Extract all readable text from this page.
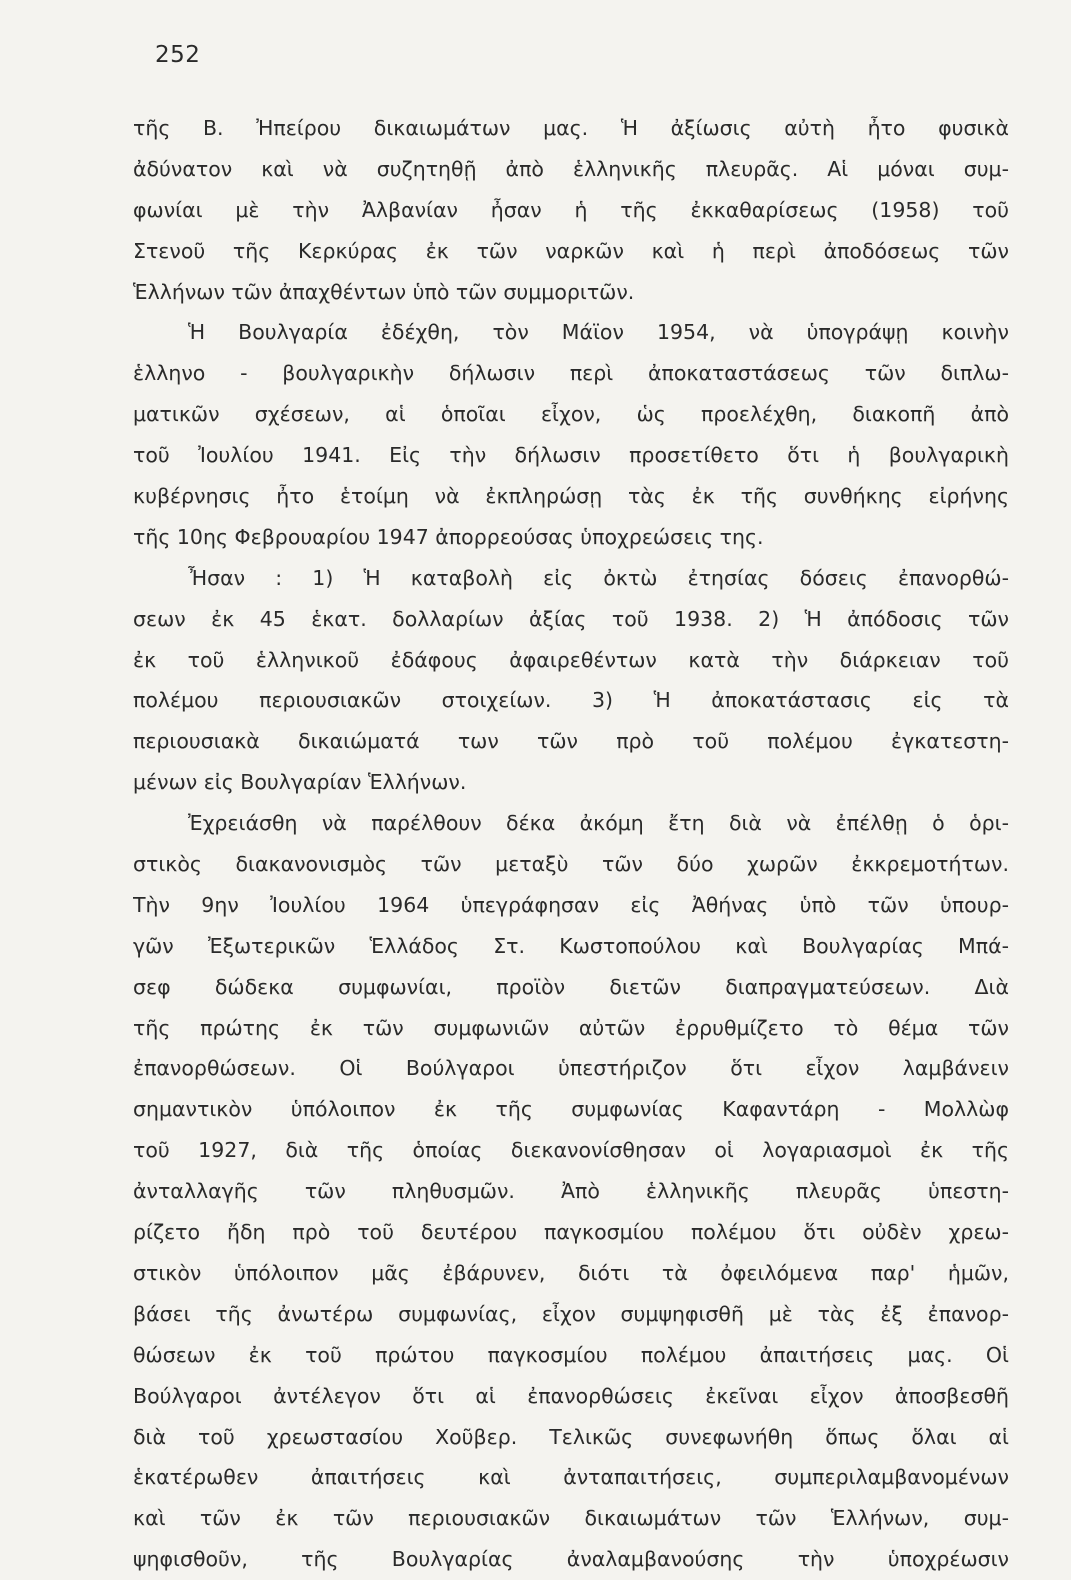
252
τῆς Β. Ἠπείρου δικαιωμάτων μας. Ἡ ἀξίωσις αὐτὴ ἦτο φυσικὰ
ἀδύνατον καὶ νὰ συζητηθῇ ἀπὸ ἑλληνικῆς πλευρᾶς. Αἱ μόναι συμ-
φωνίαι μὲ τὴν Ἀλβανίαν ἦσαν ἡ τῆς ἐκκαθαρίσεως (1958) τοῦ
Στενοῦ τῆς Κερκύρας ἐκ τῶν ναρκῶν καὶ ἡ περὶ ἀποδόσεως τῶν
Ἑλλήνων τῶν ἀπαχθέντων ὑπὸ τῶν συμμοριτῶν.
Ἡ Βουλγαρία ἐδέχθη, τὸν Μάϊον 1954, νὰ ὑπογράψῃ κοινὴν
ἑλληνο - βουλγαρικὴν δήλωσιν περὶ ἀποκαταστάσεως τῶν διπλω-
ματικῶν σχέσεων, αἱ ὁποῖαι εἶχον, ὡς προελέχθη, διακοπῆ ἀπὸ
τοῦ Ἰουλίου 1941. Εἰς τὴν δήλωσιν προσετίθετο ὅτι ἡ βουλγαρικὴ
κυβέρνησις ἦτο ἑτοίμη νὰ ἐκπληρώσῃ τὰς ἐκ τῆς συνθήκης εἰρήνης
τῆς 10ης Φεβρουαρίου 1947 ἀπορρεούσας ὑποχρεώσεις της.
Ἦσαν : 1) Ἡ καταβολὴ εἰς ὀκτὼ ἐτησίας δόσεις ἐπανορθώ-
σεων ἐκ 45 ἑκατ. δολλαρίων ἀξίας τοῦ 1938. 2) Ἡ ἀπόδοσις τῶν
ἐκ τοῦ ἑλληνικοῦ ἐδάφους ἀφαιρεθέντων κατὰ τὴν διάρκειαν τοῦ
πολέμου περιουσιακῶν στοιχείων. 3) Ἡ ἀποκατάστασις εἰς τὰ
περιουσιακὰ δικαιώματά των τῶν πρὸ τοῦ πολέμου ἐγκατεστη-
μένων εἰς Βουλγαρίαν Ἑλλήνων.
Ἐχρειάσθη νὰ παρέλθουν δέκα ἀκόμη ἔτη διὰ νὰ ἐπέλθῃ ὁ ὁρι-
στικὸς διακανονισμὸς τῶν μεταξὺ τῶν δύο χωρῶν ἐκκρεμοτήτων.
Τὴν 9ην Ἰουλίου 1964 ὑπεγράφησαν εἰς Ἀθήνας ὑπὸ τῶν ὑπουρ-
γῶν Ἐξωτερικῶν Ἑλλάδος Στ. Κωστοπούλου καὶ Βουλγαρίας Μπά-
σεφ δώδεκα συμφωνίαι, προϊὸν διετῶν διαπραγματεύσεων. Διὰ
τῆς πρώτης ἐκ τῶν συμφωνιῶν αὐτῶν ἐρρυθμίζετο τὸ θέμα τῶν
ἐπανορθώσεων. Οἱ Βούλγαροι ὑπεστήριζον ὅτι εἶχον λαμβάνειν
σημαντικὸν ὑπόλοιπον ἐκ τῆς συμφωνίας Καφαντάρη - Μολλὼφ
τοῦ 1927, διὰ τῆς ὁποίας διεκανονίσθησαν οἱ λογαριασμοὶ ἐκ τῆς
ἀνταλλαγῆς τῶν πληθυσμῶν. Ἀπὸ ἑλληνικῆς πλευρᾶς ὑπεστη-
ρίζετο ἤδη πρὸ τοῦ δευτέρου παγκοσμίου πολέμου ὅτι οὐδὲν χρεω-
στικὸν ὑπόλοιπον μᾶς ἐβάρυνεν, διότι τὰ ὀφειλόμενα παρ' ἡμῶν,
βάσει τῆς ἀνωτέρω συμφωνίας, εἶχον συμψηφισθῆ μὲ τὰς ἐξ ἐπανορ-
θώσεων ἐκ τοῦ πρώτου παγκοσμίου πολέμου ἀπαιτήσεις μας. Οἱ
Βούλγαροι ἀντέλεγον ὅτι αἱ ἐπανορθώσεις ἐκεῖναι εἶχον ἀποσβεσθῆ
διὰ τοῦ χρεωστασίου Χοῦβερ. Τελικῶς συνεφωνήθη ὅπως ὅλαι αἱ
ἑκατέρωθεν ἀπαιτήσεις καὶ ἀνταπαιτήσεις, συμπεριλαμβανομένων
καὶ τῶν ἐκ τῶν περιουσιακῶν δικαιωμάτων τῶν Ἑλλήνων, συμ-
ψηφισθοῦν, τῆς Βουλγαρίας ἀναλαμβανούσης τὴν ὑποχρέωσιν
